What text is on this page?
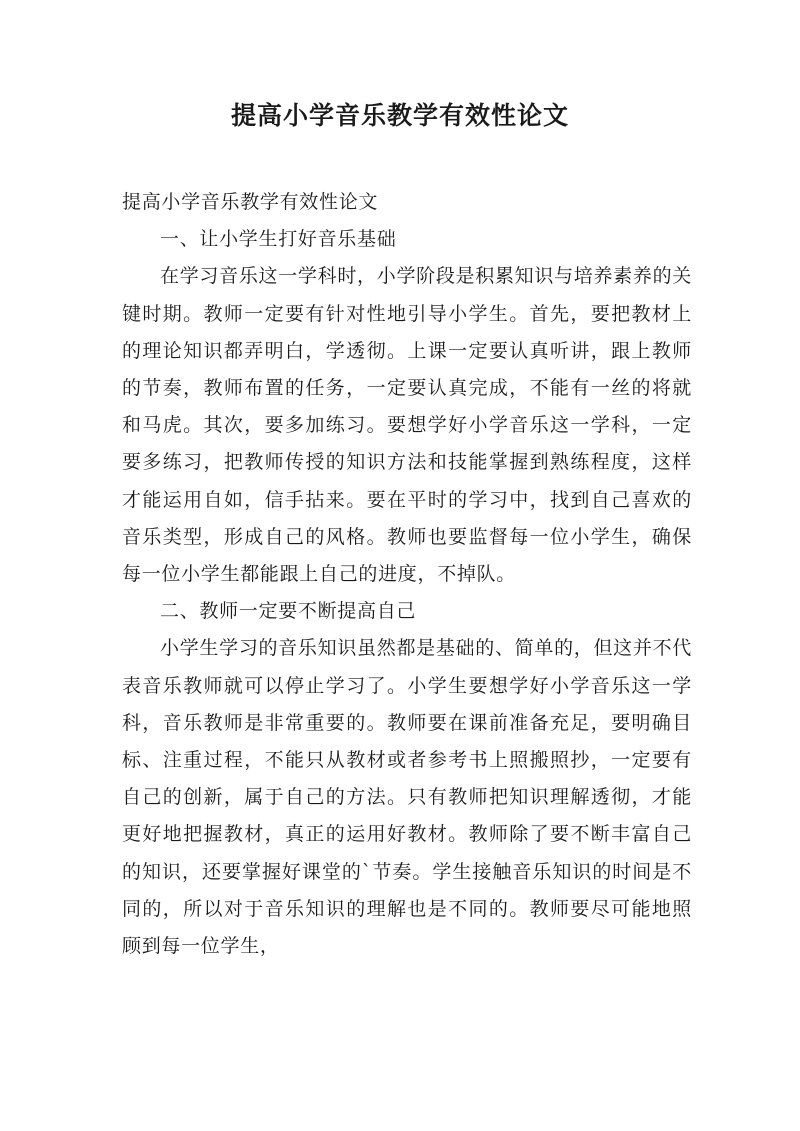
提高小学音乐教学有效性论文

提高小学音乐教学有效性论文

一、让小学生打好音乐基础

在学习音乐这一学科时，小学阶段是积累知识与培养素养的关键时期。教师一定要有针对性地引导小学生。首先，要把教材上的理论知识都弄明白，学透彻。上课一定要认真听讲，跟上教师的节奏，教师布置的任务，一定要认真完成，不能有一丝的将就和马虎。其次，要多加练习。要想学好小学音乐这一学科，一定要多练习，把教师传授的知识方法和技能掌握到熟练程度，这样才能运用自如，信手拈来。要在平时的学习中，找到自己喜欢的音乐类型，形成自己的风格。教师也要监督每一位小学生，确保每一位小学生都能跟上自己的进度，不掉队。

二、教师一定要不断提高自己

小学生学习的音乐知识虽然都是基础的、简单的，但这并不代表音乐教师就可以停止学习了。小学生要想学好小学音乐这一学科，音乐教师是非常重要的。教师要在课前准备充足，要明确目标、注重过程，不能只从教材或者参考书上照搬照抄，一定要有自己的创新，属于自己的方法。只有教师把知识理解透彻，才能更好地把握教材，真正的运用好教材。教师除了要不断丰富自己的知识，还要掌握好课堂的`节奏。学生接触音乐知识的时间是不同的，所以对于音乐知识的理解也是不同的。教师要尽可能地照顾到每一位学生，
